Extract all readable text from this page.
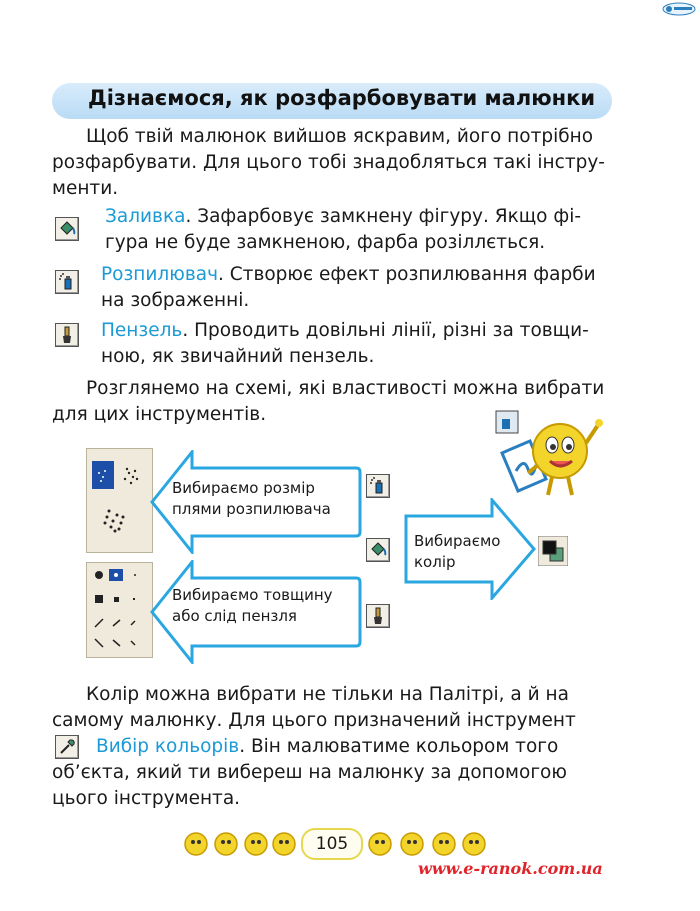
Дізнаємося, як розфарбовувати малюнки
Щоб твій малюнок вийшов яскравим, його потрібно
розфарбувати. Для цього тобі знадобляться такі інстру-
менти.
Заливка. Зафарбовує замкнену фігуру. Якщо фі-
гура не буде замкненою, фарба розіллється.
Розпилювач. Створює ефект розпилювання фарби
на зображенні.
Пензель. Проводить довільні лінії, різні за товщи-
ною, як звичайний пензель.
Розглянемо на схемі, які властивості можна вибрати
для цих інструментів.
Вибираємо розмір
плями розпилювача
Вибираємо товщину
або слід пензля
Вибираємо
колір
Колір можна вибрати не тільки на Палітрі, а й на
самому малюнку. Для цього призначений інструмент
Вибір кольорів. Він малюватиме кольором того
об’єкта, який ти вибереш на малюнку за допомогою
цього інструмента.
105
www.e-ranok.com.ua
